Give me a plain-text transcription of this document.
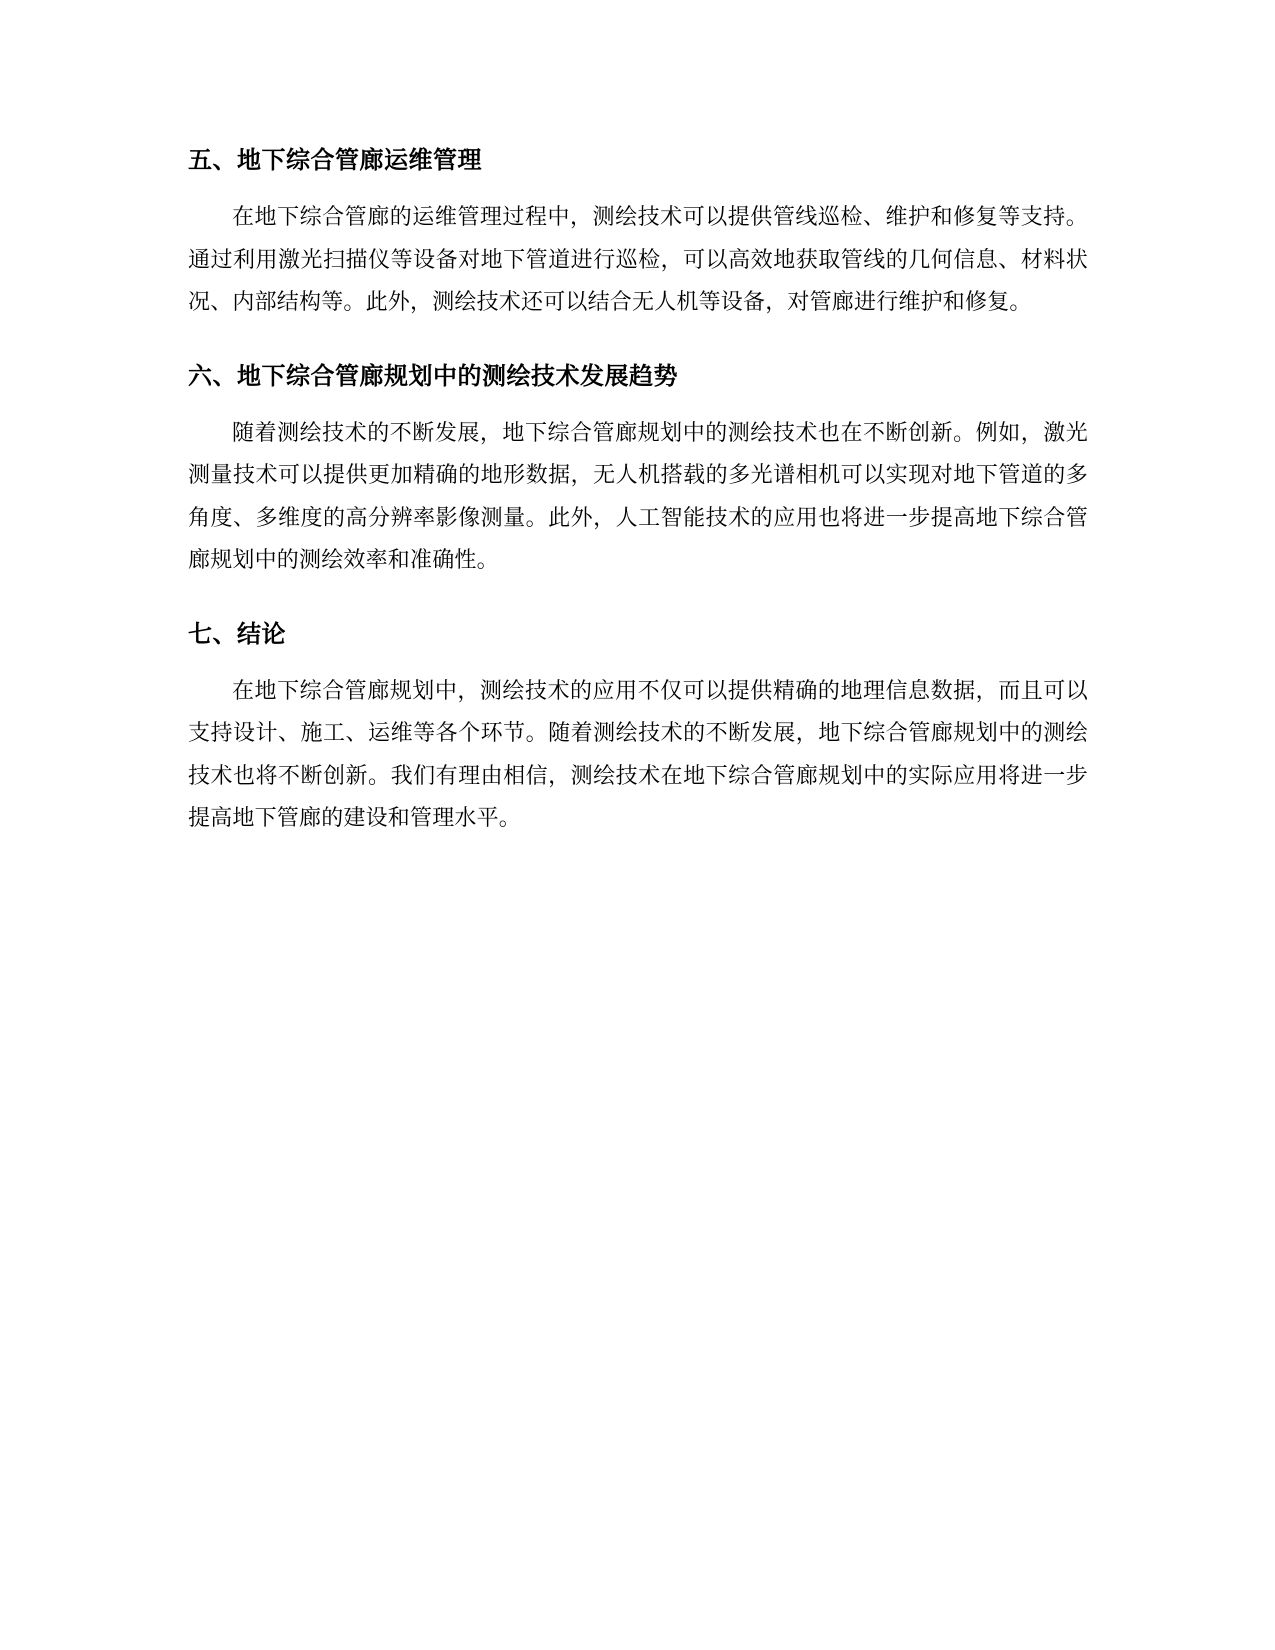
五、地下综合管廊运维管理

在地下综合管廊的运维管理过程中，测绘技术可以提供管线巡检、维护和修复等支持。通过利用激光扫描仪等设备对地下管道进行巡检，可以高效地获取管线的几何信息、材料状况、内部结构等。此外，测绘技术还可以结合无人机等设备，对管廊进行维护和修复。

六、地下综合管廊规划中的测绘技术发展趋势

随着测绘技术的不断发展，地下综合管廊规划中的测绘技术也在不断创新。例如，激光测量技术可以提供更加精确的地形数据，无人机搭载的多光谱相机可以实现对地下管道的多角度、多维度的高分辨率影像测量。此外，人工智能技术的应用也将进一步提高地下综合管廊规划中的测绘效率和准确性。

七、结论

在地下综合管廊规划中，测绘技术的应用不仅可以提供精确的地理信息数据，而且可以支持设计、施工、运维等各个环节。随着测绘技术的不断发展，地下综合管廊规划中的测绘技术也将不断创新。我们有理由相信，测绘技术在地下综合管廊规划中的实际应用将进一步提高地下管廊的建设和管理水平。
